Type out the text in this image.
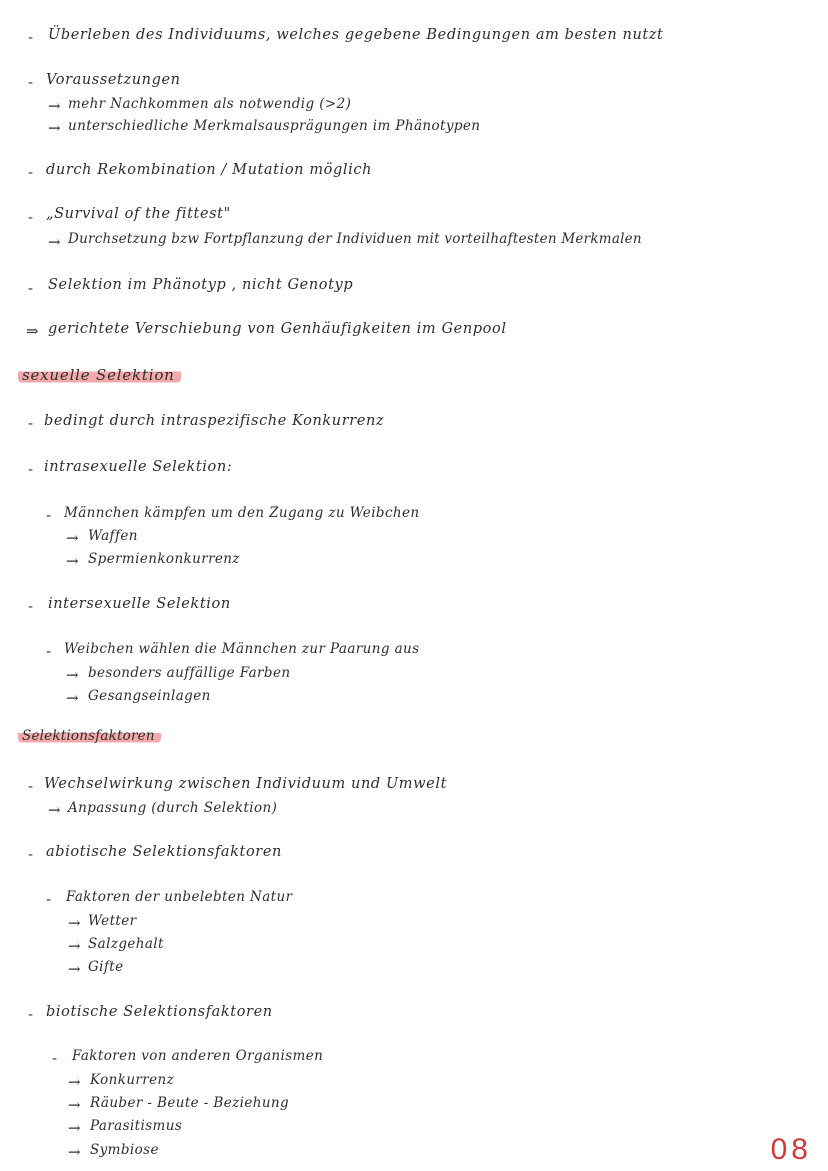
- Überleben des Individuums, welches gegebene Bedingungen am besten nutzt
- Voraussetzungen
→ mehr Nachkommen als notwendig (>2)
→ unterschiedliche Merkmalsausprägungen im Phänotypen
- durch Rekombination / Mutation möglich
- „Survival of the fittest"
→ Durchsetzung bzw Fortpflanzung der Individuen mit vorteilhaftesten Merkmalen
- Selektion im Phänotyp , nicht Genotyp
⇒ gerichtete Verschiebung von Genhäufigkeiten im Genpool
sexuelle Selektion
- bedingt durch intraspezifische Konkurrenz
- intrasexuelle Selektion:
- Männchen kämpfen um den Zugang zu Weibchen
→ Waffen
→ Spermienkonkurrenz
- intersexuelle Selektion
- Weibchen wählen die Männchen zur Paarung aus
→ besonders auffällige Farben
→ Gesangseinlagen
Selektionsfaktoren
- Wechselwirkung zwischen Individuum und Umwelt
→ Anpassung (durch Selektion)
- abiotische Selektionsfaktoren
- Faktoren der unbelebten Natur
→ Wetter
→ Salzgehalt
→ Gifte
- biotische Selektionsfaktoren
- Faktoren von anderen Organismen
→ Konkurrenz
→ Räuber - Beute - Beziehung
→ Parasitismus
→ Symbiose	08
